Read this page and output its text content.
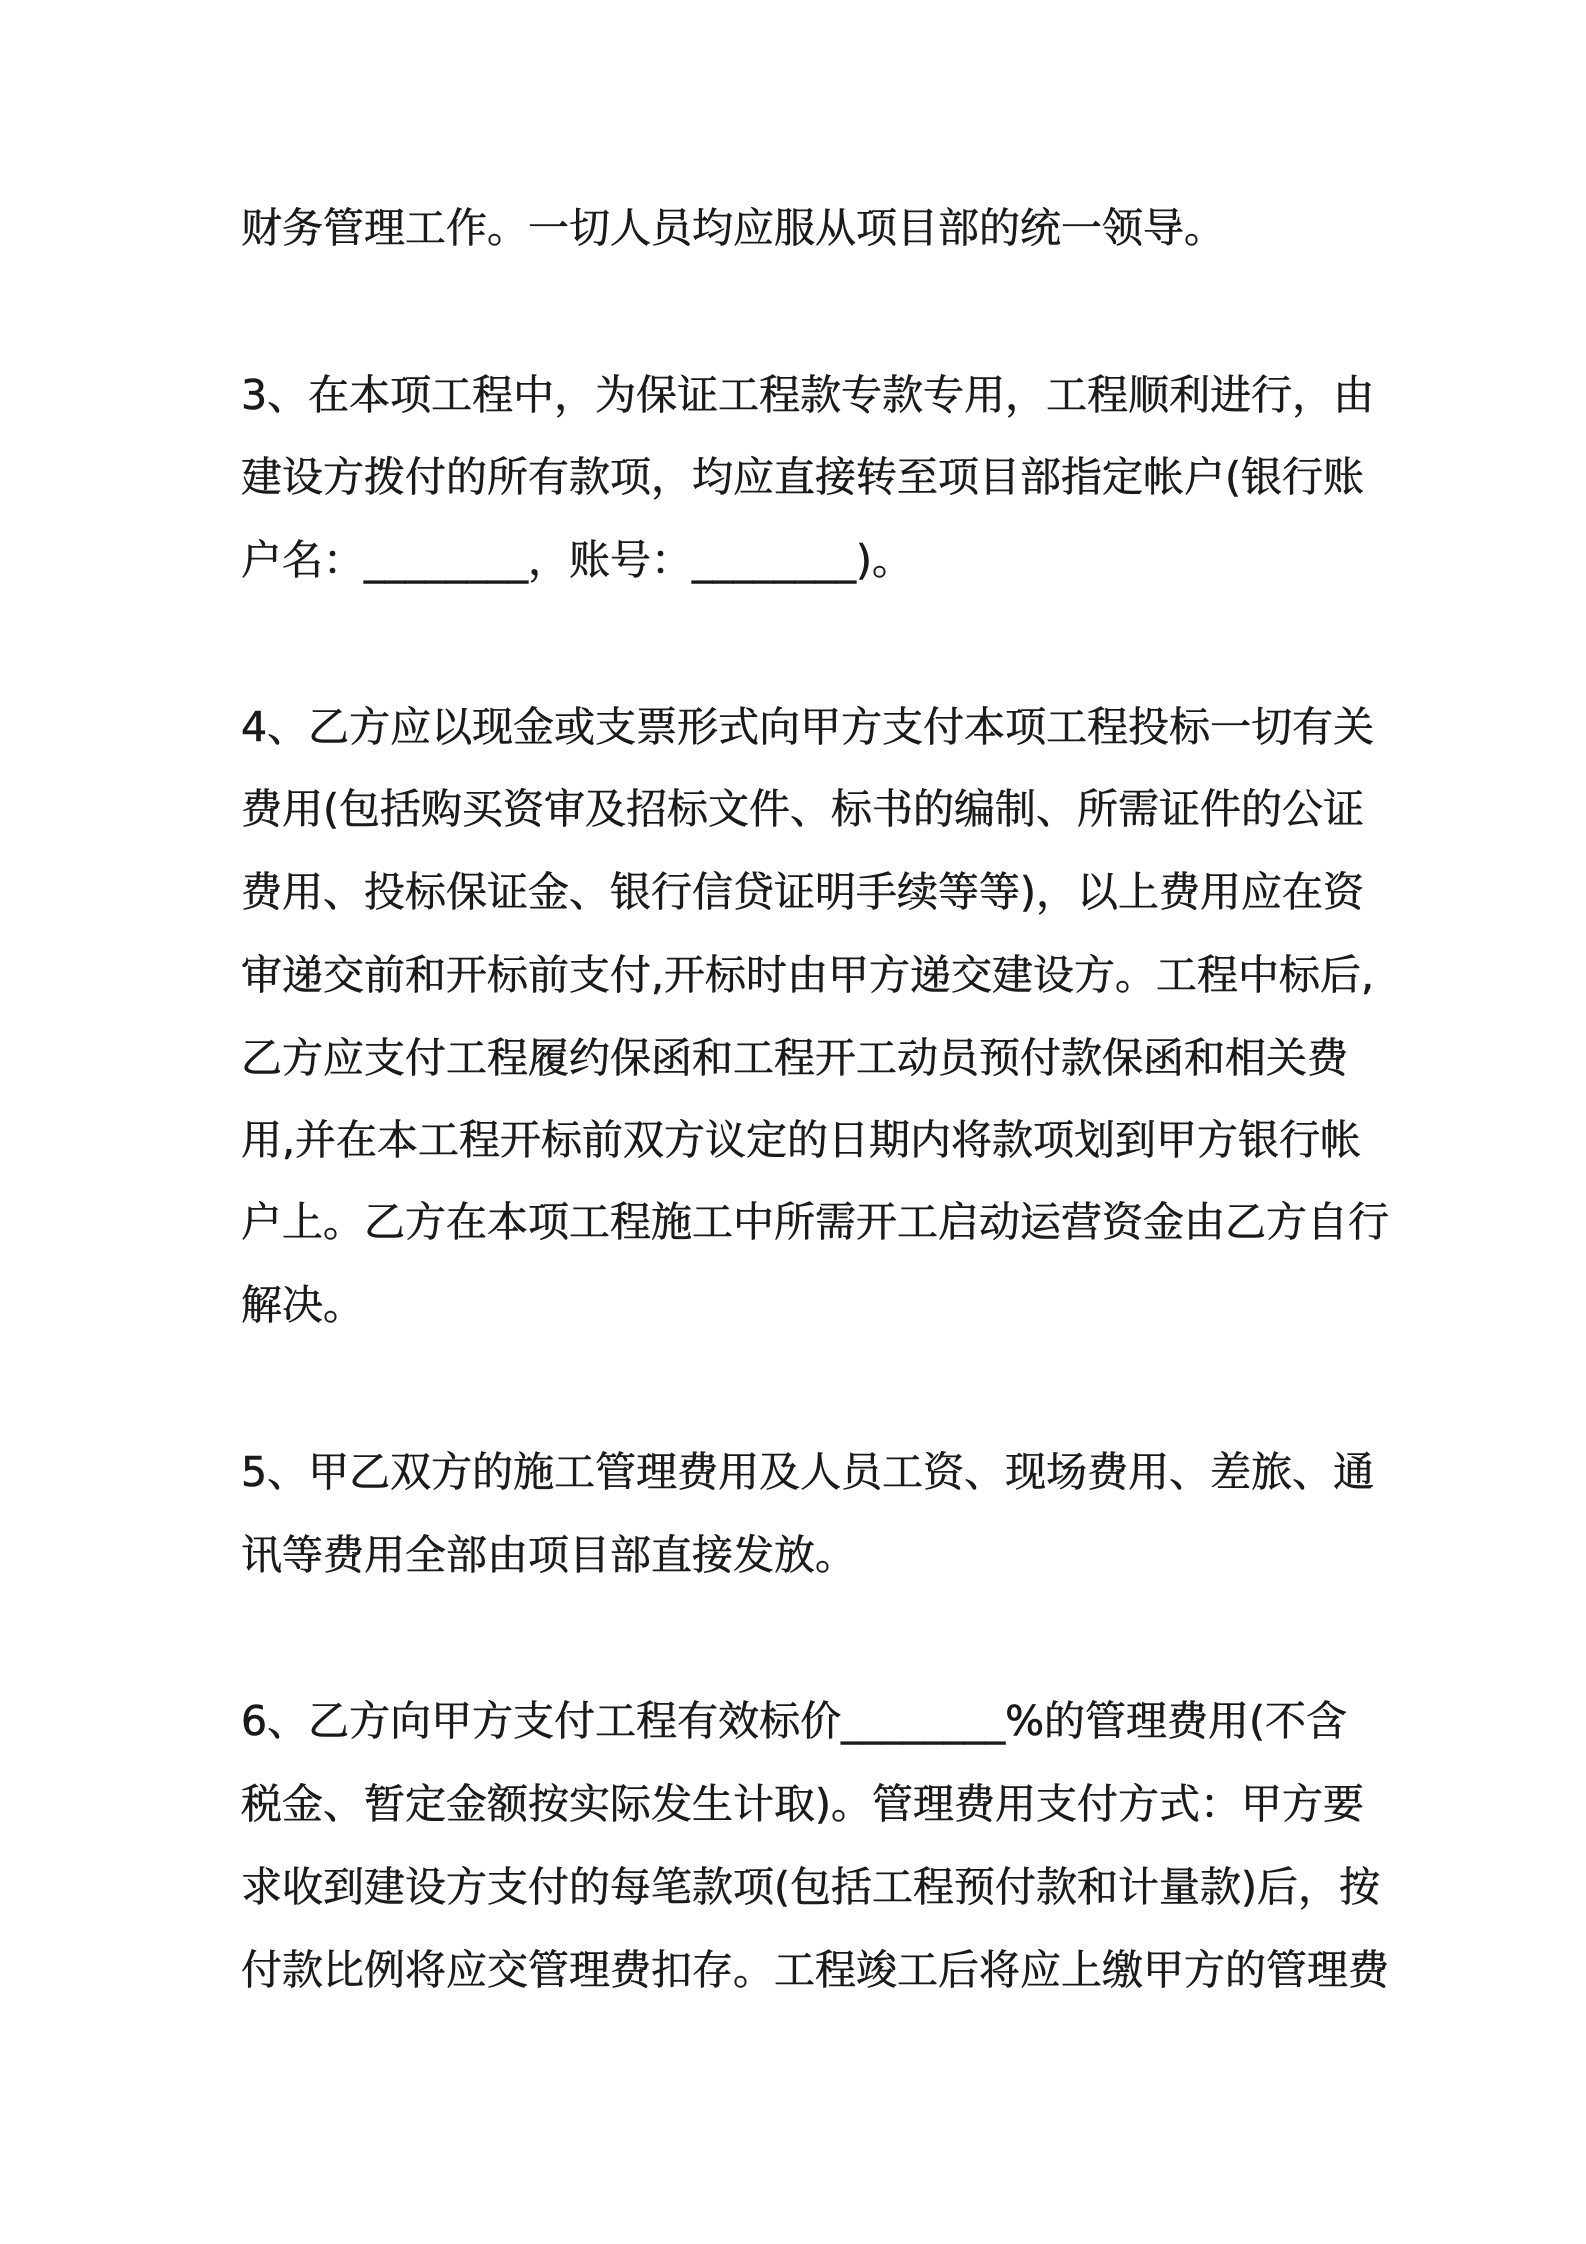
财务管理工作。一切人员均应服从项目部的统一领导。
3、在本项工程中，为保证工程款专款专用，工程顺利进行，由
建设方拨付的所有款项，均应直接转至项目部指定帐户(银行账
户名：________，账号：________)。
4、乙方应以现金或支票形式向甲方支付本项工程投标一切有关
费用(包括购买资审及招标文件、标书的编制、所需证件的公证
费用、投标保证金、银行信贷证明手续等等)，以上费用应在资
审递交前和开标前支付,开标时由甲方递交建设方。工程中标后,
乙方应支付工程履约保函和工程开工动员预付款保函和相关费
用,并在本工程开标前双方议定的日期内将款项划到甲方银行帐
户上。乙方在本项工程施工中所需开工启动运营资金由乙方自行
解决。
5、甲乙双方的施工管理费用及人员工资、现场费用、差旅、通
讯等费用全部由项目部直接发放。
6、乙方向甲方支付工程有效标价________%的管理费用(不含
税金、暂定金额按实际发生计取)。管理费用支付方式：甲方要
求收到建设方支付的每笔款项(包括工程预付款和计量款)后，按
付款比例将应交管理费扣存。工程竣工后将应上缴甲方的管理费
